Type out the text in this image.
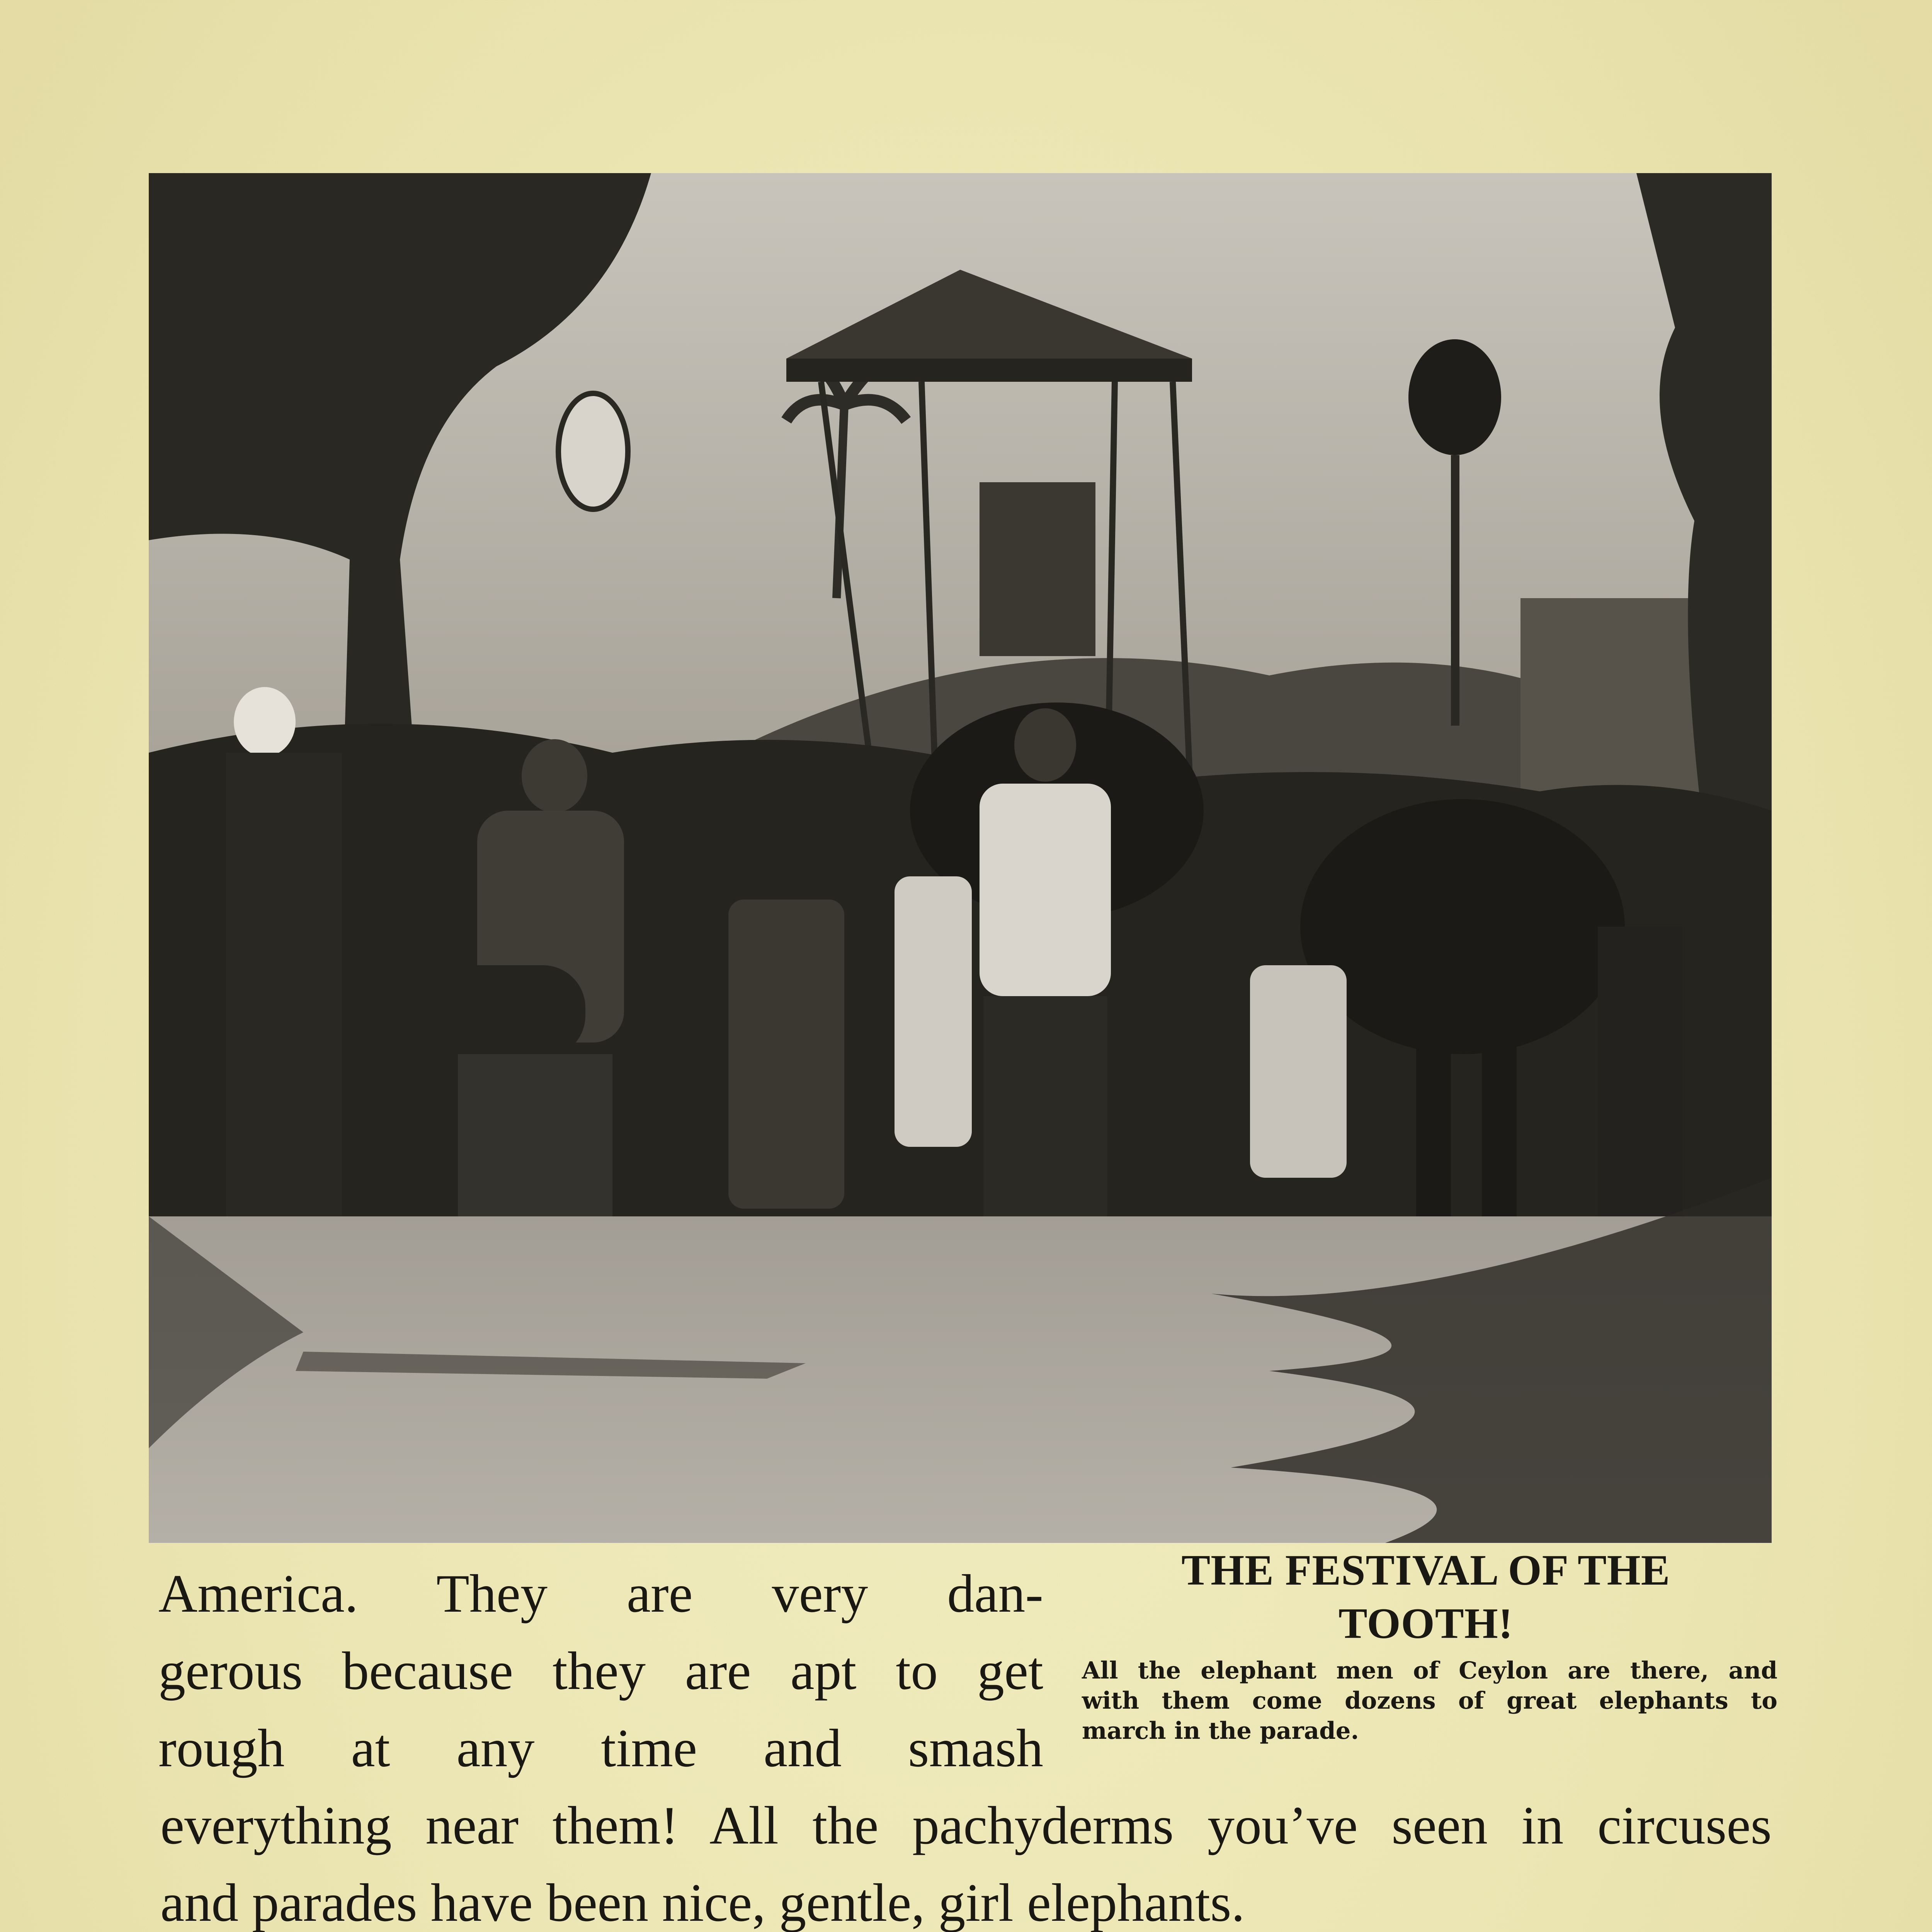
America. They are very dan-
gerous because they are apt to get
rough at any time and smash
THE FESTIVAL OF THE
TOOTH!
All the elephant men of Ceylon are there, and
with them come dozens of great elephants to
march in the parade.
everything near them! All the pachyderms you’ve seen in circuses
and parades have been nice, gentle, girl elephants.
